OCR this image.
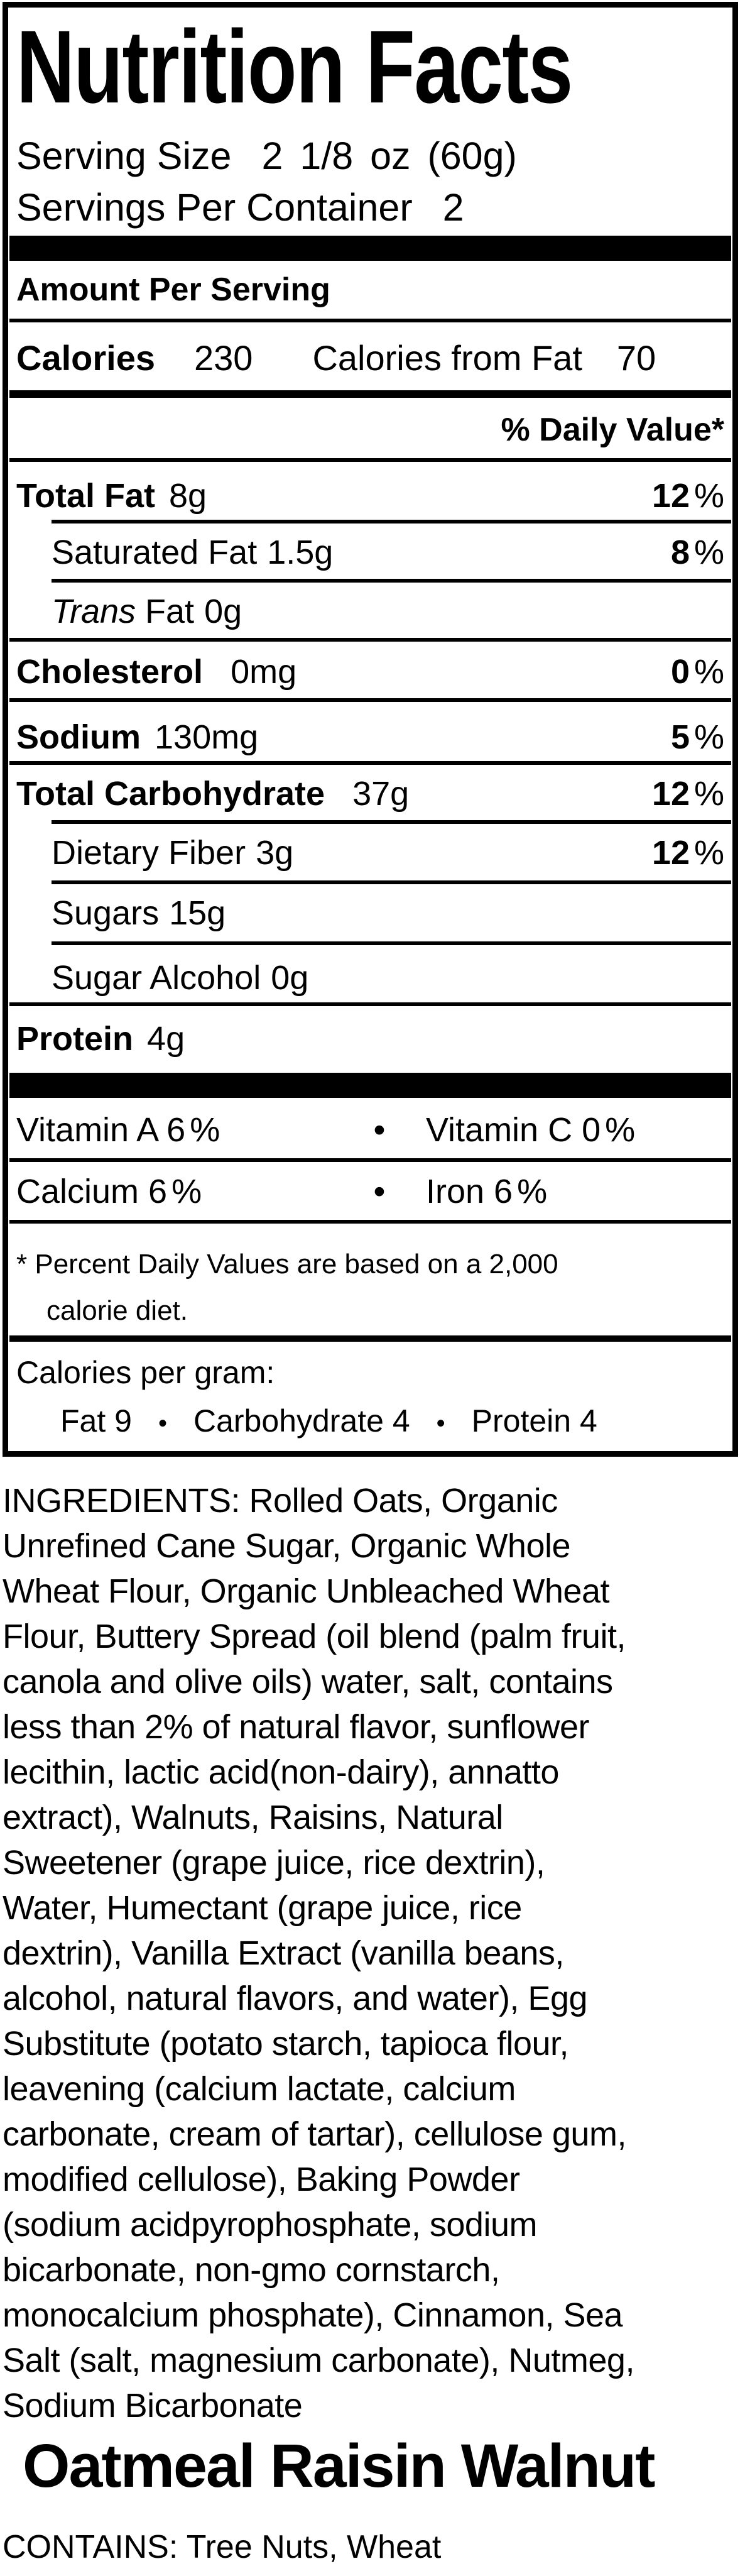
Nutrition Facts
Serving Size 2 1/8 oz (60g)
Servings Per Container 2
Amount Per Serving
Calories 230 Calories from Fat 70
% Daily Value*
Total Fat 8g	12 %
Saturated Fat 1.5g	8 %
Trans Fat 0g
Cholesterol 0mg	0 %
Sodium 130mg	5 %
Total Carbohydrate 37g	12 %
Dietary Fiber 3g	12 %
Sugars 15g
Sugar Alcohol 0g
Protein 4g
Vitamin A 6 %	• Vitamin C 0 %
Calcium 6 %	• Iron 6 %
* Percent Daily Values are based on a 2,000
calorie diet.
Calories per gram:
Fat 9 • Carbohydrate 4 • Protein 4
INGREDIENTS: Rolled Oats, Organic
Unrefined Cane Sugar, Organic Whole
Wheat Flour, Organic Unbleached Wheat
Flour, Buttery Spread (oil blend (palm fruit,
canola and olive oils) water, salt, contains
less than 2% of natural flavor, sunflower
lecithin, lactic acid(non-dairy), annatto
extract), Walnuts, Raisins, Natural
Sweetener (grape juice, rice dextrin),
Water, Humectant (grape juice, rice
dextrin), Vanilla Extract (vanilla beans,
alcohol, natural flavors, and water), Egg
Substitute (potato starch, tapioca flour,
leavening (calcium lactate, calcium
carbonate, cream of tartar), cellulose gum,
modified cellulose), Baking Powder
(sodium acidpyrophosphate, sodium
bicarbonate, non-gmo cornstarch,
monocalcium phosphate), Cinnamon, Sea
Salt (salt, magnesium carbonate), Nutmeg,
Sodium Bicarbonate
Oatmeal Raisin Walnut
CONTAINS: Tree Nuts, Wheat
